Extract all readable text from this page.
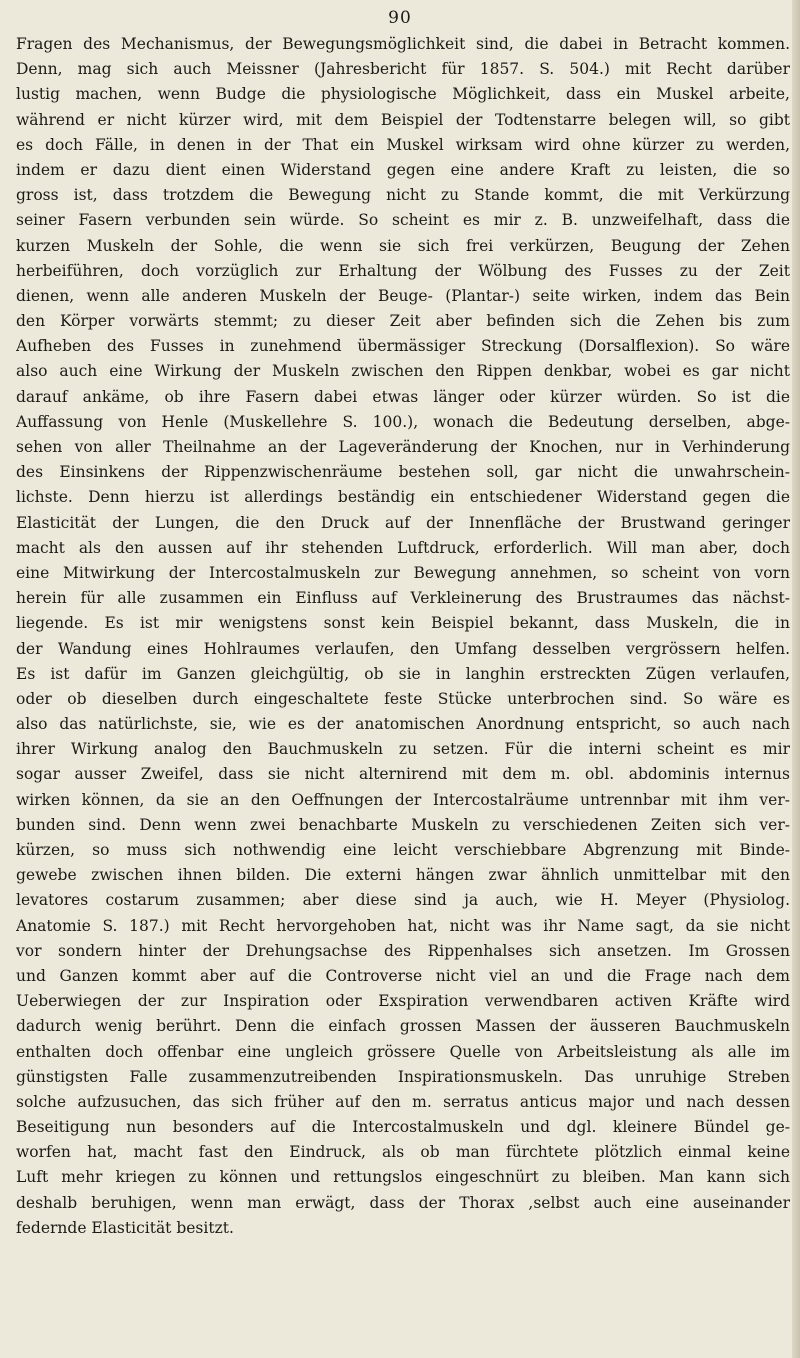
90
Fragen des Mechanismus, der Bewegungsmöglichkeit sind, die dabei in Betracht kommen.
Denn, mag sich auch Meissner (Jahresbericht für 1857. S. 504.) mit Recht darüber
lustig machen, wenn Budge die physiologische Möglichkeit, dass ein Muskel arbeite,
während er nicht kürzer wird, mit dem Beispiel der Todtenstarre belegen will, so gibt
es doch Fälle, in denen in der That ein Muskel wirksam wird ohne kürzer zu werden,
indem er dazu dient einen Widerstand gegen eine andere Kraft zu leisten, die so
gross ist, dass trotzdem die Bewegung nicht zu Stande kommt, die mit Verkürzung
seiner Fasern verbunden sein würde. So scheint es mir z. B. unzweifelhaft, dass die
kurzen Muskeln der Sohle, die wenn sie sich frei verkürzen, Beugung der Zehen
herbeiführen, doch vorzüglich zur Erhaltung der Wölbung des Fusses zu der Zeit
dienen, wenn alle anderen Muskeln der Beuge- (Plantar-) seite wirken, indem das Bein
den Körper vorwärts stemmt; zu dieser Zeit aber befinden sich die Zehen bis zum
Aufheben des Fusses in zunehmend übermässiger Streckung (Dorsalflexion). So wäre
also auch eine Wirkung der Muskeln zwischen den Rippen denkbar, wobei es gar nicht
darauf ankäme, ob ihre Fasern dabei etwas länger oder kürzer würden. So ist die
Auffassung von Henle (Muskellehre S. 100.), wonach die Bedeutung derselben, abge-
sehen von aller Theilnahme an der Lageveränderung der Knochen, nur in Verhinderung
des Einsinkens der Rippenzwischenräume bestehen soll, gar nicht die unwahrschein-
lichste. Denn hierzu ist allerdings beständig ein entschiedener Widerstand gegen die
Elasticität der Lungen, die den Druck auf der Innenfläche der Brustwand geringer
macht als den aussen auf ihr stehenden Luftdruck, erforderlich. Will man aber, doch
eine Mitwirkung der Intercostalmuskeln zur Bewegung annehmen, so scheint von vorn
herein für alle zusammen ein Einfluss auf Verkleinerung des Brustraumes das nächst-
liegende. Es ist mir wenigstens sonst kein Beispiel bekannt, dass Muskeln, die in
der Wandung eines Hohlraumes verlaufen, den Umfang desselben vergrössern helfen.
Es ist dafür im Ganzen gleichgültig, ob sie in langhin erstreckten Zügen verlaufen,
oder ob dieselben durch eingeschaltete feste Stücke unterbrochen sind. So wäre es
also das natürlichste, sie, wie es der anatomischen Anordnung entspricht, so auch nach
ihrer Wirkung analog den Bauchmuskeln zu setzen. Für die interni scheint es mir
sogar ausser Zweifel, dass sie nicht alternirend mit dem m. obl. abdominis internus
wirken können, da sie an den Oeffnungen der Intercostalräume untrennbar mit ihm ver-
bunden sind. Denn wenn zwei benachbarte Muskeln zu verschiedenen Zeiten sich ver-
kürzen, so muss sich nothwendig eine leicht verschiebbare Abgrenzung mit Binde-
gewebe zwischen ihnen bilden. Die externi hängen zwar ähnlich unmittelbar mit den
levatores costarum zusammen; aber diese sind ja auch, wie H. Meyer (Physiolog.
Anatomie S. 187.) mit Recht hervorgehoben hat, nicht was ihr Name sagt, da sie nicht
vor sondern hinter der Drehungsachse des Rippenhalses sich ansetzen. Im Grossen
und Ganzen kommt aber auf die Controverse nicht viel an und die Frage nach dem
Ueberwiegen der zur Inspiration oder Exspiration verwendbaren activen Kräfte wird
dadurch wenig berührt. Denn die einfach grossen Massen der äusseren Bauchmuskeln
enthalten doch offenbar eine ungleich grössere Quelle von Arbeitsleistung als alle im
günstigsten Falle zusammenzutreibenden Inspirationsmuskeln. Das unruhige Streben
solche aufzusuchen, das sich früher auf den m. serratus anticus major und nach dessen
Beseitigung nun besonders auf die Intercostalmuskeln und dgl. kleinere Bündel ge-
worfen hat, macht fast den Eindruck, als ob man fürchtete plötzlich einmal keine
Luft mehr kriegen zu können und rettungslos eingeschnürt zu bleiben. Man kann sich
deshalb beruhigen, wenn man erwägt, dass der Thorax ,selbst auch eine auseinander
federnde Elasticität besitzt.
